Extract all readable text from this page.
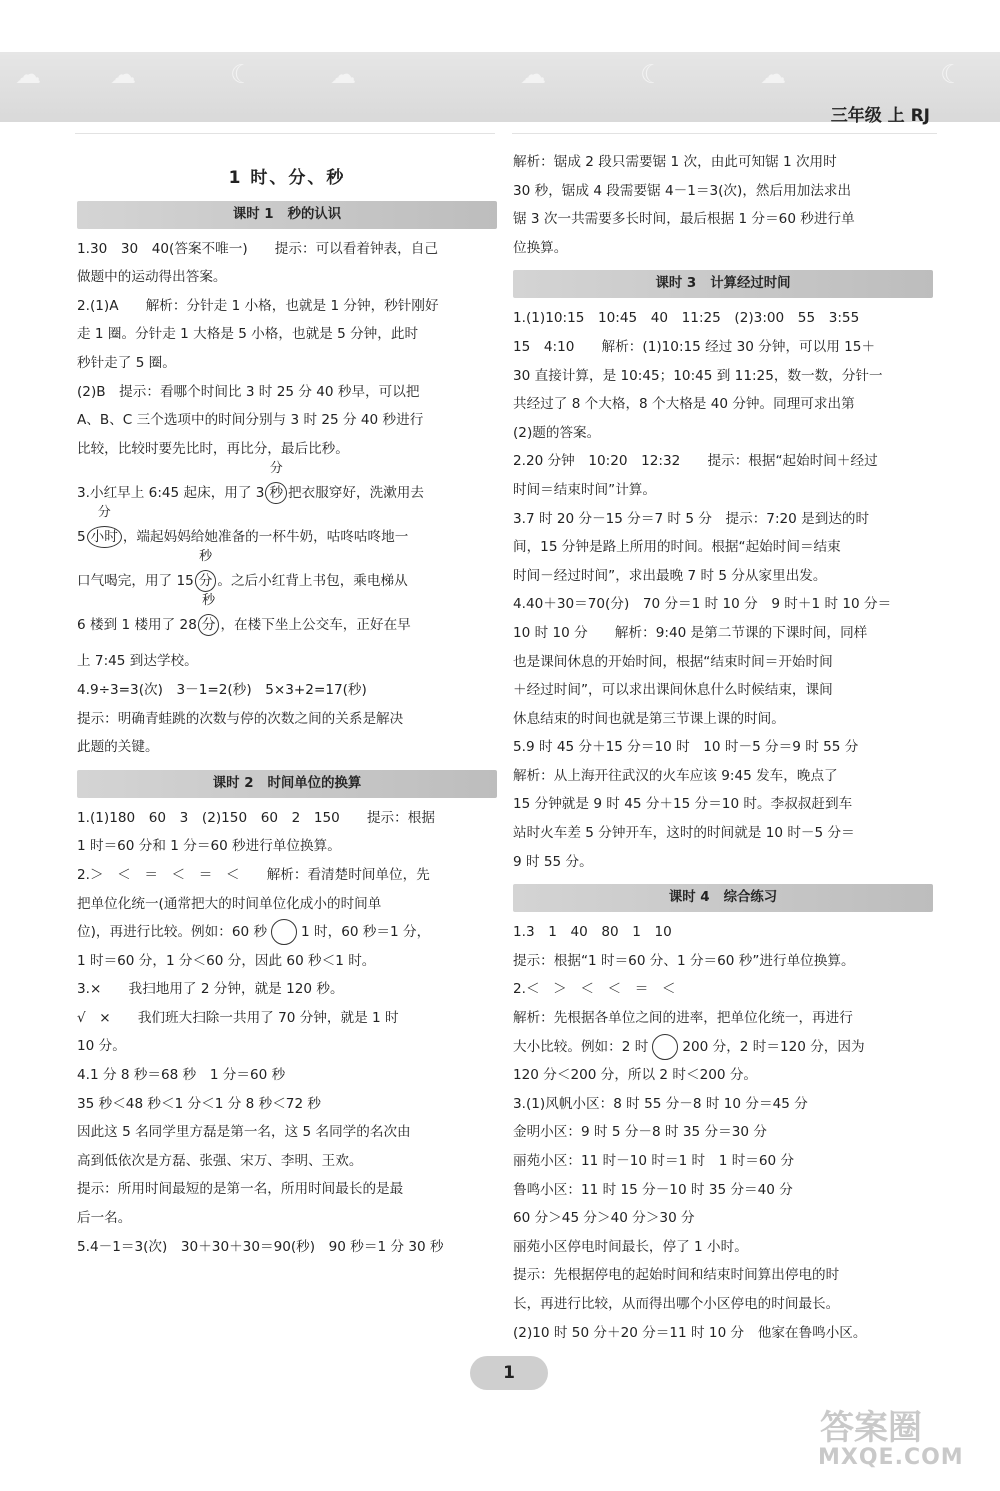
☁	☁	☾	☁	☁	☾	☁	☾
三年级 上 RJ
1 时、分、秒
课时 1 秒的认识
1.30　30　40(答案不唯一)　　提示：可以看着钟表，自己
做题中的运动得出答案。
2.(1)A　　解析：分针走 1 小格，也就是 1 分钟，秒针刚好
走 1 圈。分针走 1 大格是 5 小格，也就是 5 分钟，此时
秒针走了 5 圈。
(2)B　提示：看哪个时间比 3 时 25 分 40 秒早，可以把
A、B、C 三个选项中的时间分别与 3 时 25 分 40 秒进行
比较，比较时要先比时，再比分，最后比秒。
3.小红早上 6:45 起床，用了 3
分
秒 把衣服穿好，洗漱用去
5
分
小时 ，端起妈妈给她准备的一杯牛奶，咕咚咕咚地一
口气喝完，用了 15
秒
分 。之后小红背上书包，乘电梯从
6 楼到 1 楼用了 28
秒
分 ，在楼下坐上公交车，正好在早
上 7:45 到达学校。
4.9÷3=3(次)　3－1=2(秒)　5×3+2=17(秒)
提示：明确青蛙跳的次数与停的次数之间的关系是解决
此题的关键。
课时 2 时间单位的换算
1.(1)180　60　3　(2)150　60　2　150　　提示：根据
1 时＝60 分和 1 分＝60 秒进行单位换算。
2.＞　＜　＝　＜　＝　＜　　解析：看清楚时间单位，先
把单位化统一(通常把大的时间单位化成小的时间单
位)，再进行比较。例如：60 秒	1 时，60 秒＝1 分，
1 时＝60 分，1 分＜60 分，因此 60 秒＜1 时。
3.×　　我扫地用了 2 分钟，就是 120 秒。
√　×　　我们班大扫除一共用了 70 分钟，就是 1 时
10 分。
4.1 分 8 秒＝68 秒　1 分＝60 秒
35 秒＜48 秒＜1 分＜1 分 8 秒＜72 秒
因此这 5 名同学里方磊是第一名，这 5 名同学的名次由
高到低依次是方磊、张强、宋万、李明、王欢。
提示：所用时间最短的是第一名，所用时间最长的是最
后一名。
5.4－1＝3(次)　30＋30＋30＝90(秒)　90 秒＝1 分 30 秒
解析：锯成 2 段只需要锯 1 次，由此可知锯 1 次用时
30 秒，锯成 4 段需要锯 4－1＝3(次)，然后用加法求出
锯 3 次一共需要多长时间，最后根据 1 分＝60 秒进行单
位换算。
课时 3 计算经过时间
1.(1)10:15　10:45　40　11:25　(2)3:00　55　3:55
15　4:10　　解析：(1)10:15 经过 30 分钟，可以用 15＋
30 直接计算，是 10:45；10:45 到 11:25，数一数，分针一
共经过了 8 个大格，8 个大格是 40 分钟。同理可求出第
(2)题的答案。
2.20 分钟　10:20　12:32　　提示：根据“起始时间＋经过
时间＝结束时间”计算。
3.7 时 20 分－15 分＝7 时 5 分　提示：7:20 是到达的时
间，15 分钟是路上所用的时间。根据“起始时间＝结束
时间－经过时间”，求出最晚 7 时 5 分从家里出发。
4.40＋30＝70(分)　70 分＝1 时 10 分　9 时＋1 时 10 分＝
10 时 10 分　　解析：9:40 是第二节课的下课时间，同样
也是课间休息的开始时间，根据“结束时间＝开始时间
＋经过时间”，可以求出课间休息什么时候结束，课间
休息结束的时间也就是第三节课上课的时间。
5.9 时 45 分＋15 分＝10 时　10 时－5 分＝9 时 55 分
解析：从上海开往武汉的火车应该 9:45 发车，晚点了
15 分钟就是 9 时 45 分＋15 分＝10 时。李叔叔赶到车
站时火车差 5 分钟开车，这时的时间就是 10 时－5 分＝
9 时 55 分。
课时 4 综合练习
1.3　1　40　80　1　10
提示：根据“1 时＝60 分、1 分＝60 秒”进行单位换算。
2.＜　＞　＜　＜　＝　＜
解析：先根据各单位之间的进率，把单位化统一，再进行
大小比较。例如：2 时	200 分，2 时＝120 分，因为
120 分＜200 分，所以 2 时＜200 分。
3.(1)风帆小区：8 时 55 分－8 时 10 分＝45 分
金明小区：9 时 5 分－8 时 35 分＝30 分
丽苑小区：11 时－10 时＝1 时　1 时＝60 分
鲁鸣小区：11 时 15 分－10 时 35 分＝40 分
60 分＞45 分＞40 分＞30 分
丽苑小区停电时间最长，停了 1 小时。
提示：先根据停电的起始时间和结束时间算出停电的时
长，再进行比较，从而得出哪个小区停电的时间最长。
(2)10 时 50 分＋20 分＝11 时 10 分　他家在鲁鸣小区。
1
答案圈
MXQE.COM
